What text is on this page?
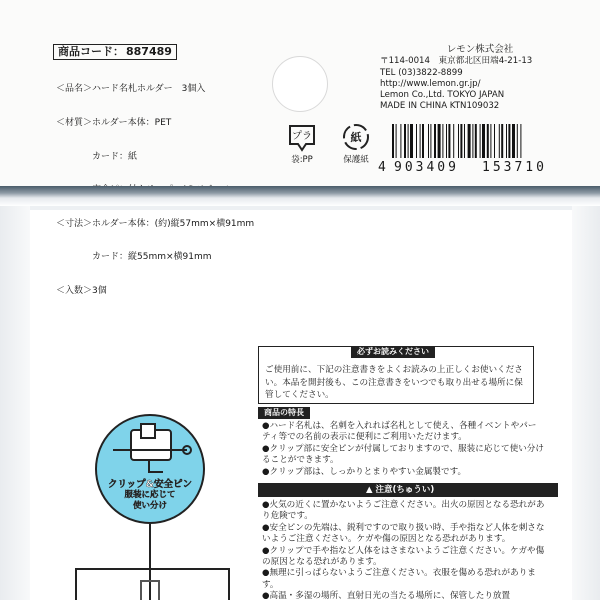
商品コード： 887489

＜品名＞ハード名札ホルダー　3個入

＜材質＞ホルダー本体：PET

　　　　カード：紙

＜寸法＞ホルダー本体：(約)縦57mm×横91mm

　　　　カード：縦55mm×横91mm

＜入数＞3個

レモン株式会社
〒114-0014　東京都北区田端4-21-13
TEL (03)3822-8899
http://www.lemon.gr.jp/
Lemon Co.,Ltd. TOKYO JAPAN
MADE IN CHINA KTN109032
プラ
袋:PP
紙
保護紙 4 903409	153710
クリップ&安全ピン
服装に応じて
使い分け
必ずお読みください
ご使用前に、下記の注意書きをよくお読みの上正しくお使いください。本品を開封後も、この注意書きをいつでも取り出せる場所に保管してください。
商品の特長
●ハード名札は、名刺を入れれば名札として使え、各種イベントやパーティ等での名前の表示に便利にご利用いただけます。
●クリップ部に安全ピンが付属しておりますので、服装に応じて使い分けることができます。
●クリップ部は、しっかりとまりやすい金属製です。
▲ 注意(ちゅうい)
●火気の近くに置かないようご注意ください。出火の原因となる恐れがあり危険です。
●安全ピンの先端は、鋭利ですので取り扱い時、手や指など人体を刺さないようご注意ください。ケガや傷の原因となる恐れがあります。
●クリップで手や指など人体をはさまないようご注意ください。ケガや傷の原因となる恐れがあります。
●無理に引っぱらないようご注意ください。衣服を傷める恐れがあります。
●高温・多湿の場所、直射日光の当たる場所に、保管したり放置
